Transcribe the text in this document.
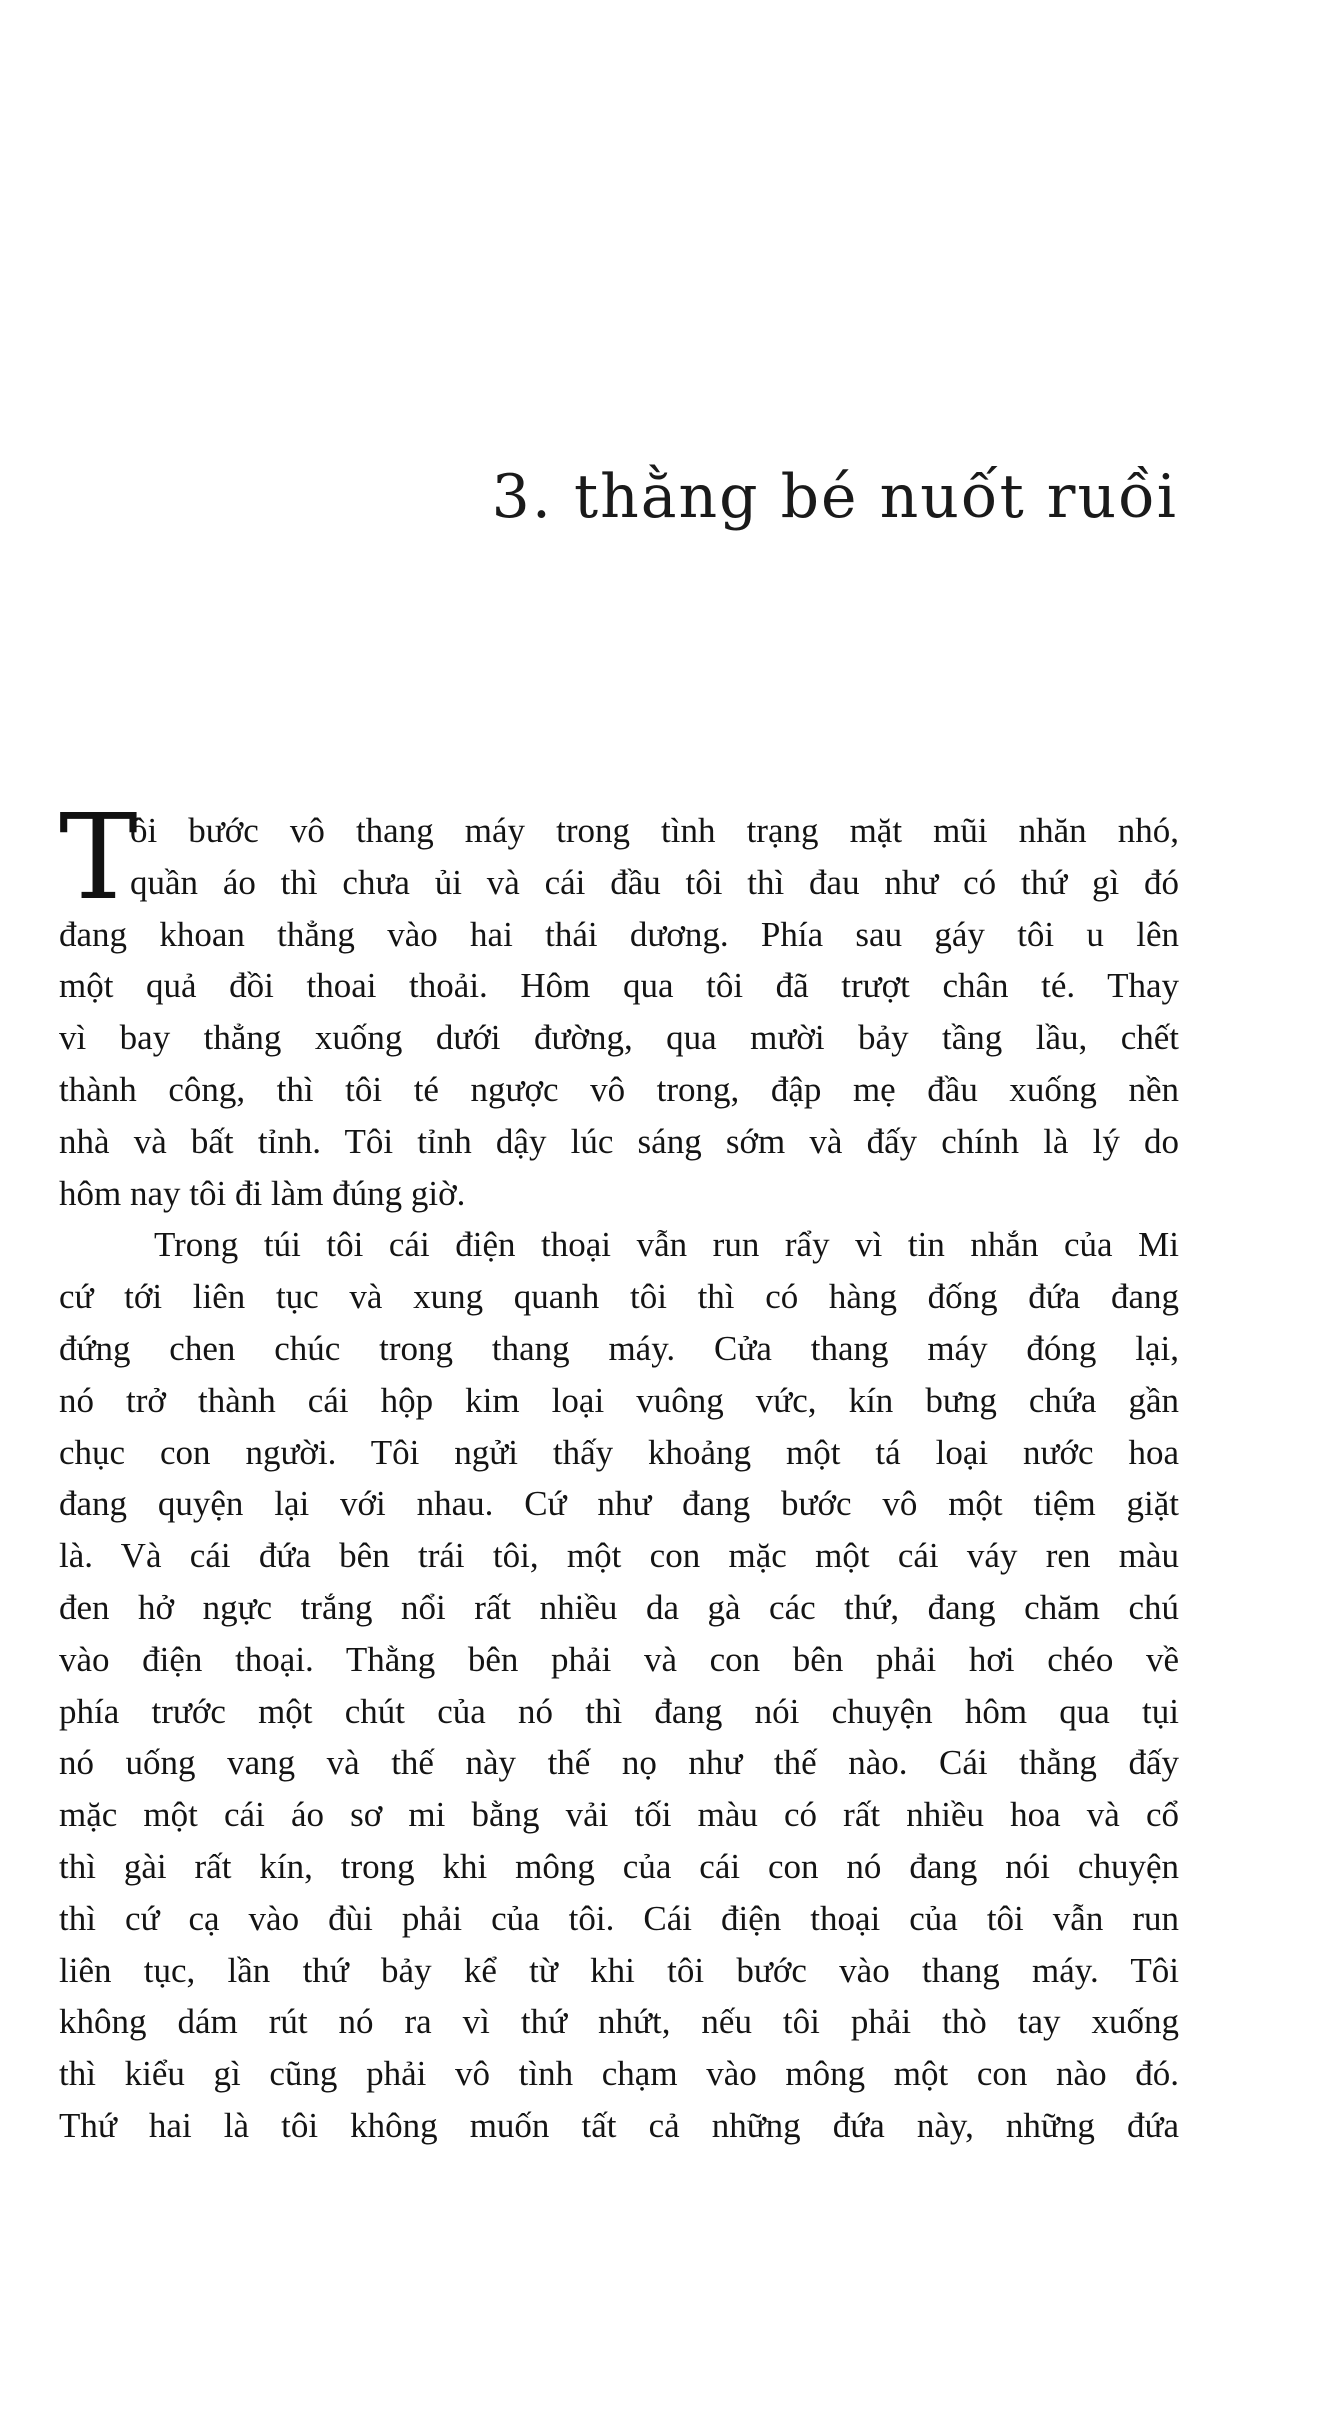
3. thằng bé nuốt ruồi
T
ôi bước vô thang máy trong tình trạng mặt mũi nhăn nhó,
quần áo thì chưa ủi và cái đầu tôi thì đau như có thứ gì đó
đang khoan thẳng vào hai thái dương. Phía sau gáy tôi u lên
một quả đồi thoai thoải. Hôm qua tôi đã trượt chân té. Thay
vì bay thẳng xuống dưới đường, qua mười bảy tầng lầu, chết
thành công, thì tôi té ngược vô trong, đập mẹ đầu xuống nền
nhà và bất tỉnh. Tôi tỉnh dậy lúc sáng sớm và đấy chính là lý do
hôm nay tôi đi làm đúng giờ.
Trong túi tôi cái điện thoại vẫn run rẩy vì tin nhắn của Mi
cứ tới liên tục và xung quanh tôi thì có hàng đống đứa đang
đứng chen chúc trong thang máy. Cửa thang máy đóng lại,
nó trở thành cái hộp kim loại vuông vức, kín bưng chứa gần
chục con người. Tôi ngửi thấy khoảng một tá loại nước hoa
đang quyện lại với nhau. Cứ như đang bước vô một tiệm giặt
là. Và cái đứa bên trái tôi, một con mặc một cái váy ren màu
đen hở ngực trắng nổi rất nhiều da gà các thứ, đang chăm chú
vào điện thoại. Thằng bên phải và con bên phải hơi chéo về
phía trước một chút của nó thì đang nói chuyện hôm qua tụi
nó uống vang và thế này thế nọ như thế nào. Cái thằng đấy
mặc một cái áo sơ mi bằng vải tối màu có rất nhiều hoa và cổ
thì gài rất kín, trong khi mông của cái con nó đang nói chuyện
thì cứ cạ vào đùi phải của tôi. Cái điện thoại của tôi vẫn run
liên tục, lần thứ bảy kể từ khi tôi bước vào thang máy. Tôi
không dám rút nó ra vì thứ nhứt, nếu tôi phải thò tay xuống
thì kiểu gì cũng phải vô tình chạm vào mông một con nào đó.
Thứ hai là tôi không muốn tất cả những đứa này, những đứa
